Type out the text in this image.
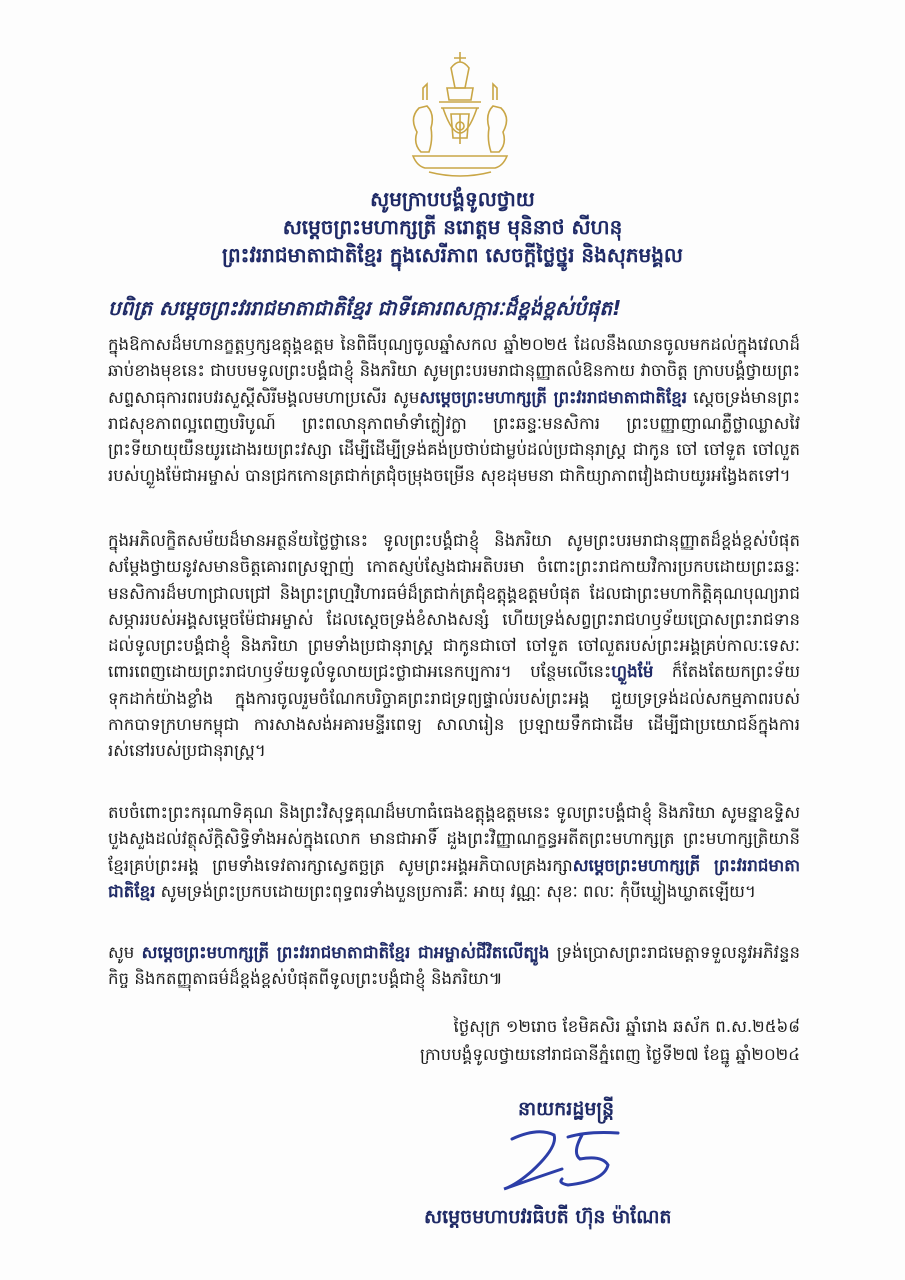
សូមក្រាបបង្គំទូលថ្វាយ
សម្តេចព្រះមហាក្សត្រី នរោត្តម មុនិនាថ សីហនុ
ព្រះវររាជមាតាជាតិខ្មែរ ក្នុងសេរីភាព សេចក្តីថ្លៃថ្នូរ និងសុភមង្គល
បពិត្រ សម្តេចព្រះវររាជមាតាជាតិខ្មែរ ជាទីគោរពសក្ការៈដ៏ខ្ពង់ខ្ពស់បំផុត!
ក្នុងឱកាសដ៏មហានក្ខត្តឫក្សឧត្តុង្គឧត្តម នៃពិធីបុណ្យចូលឆ្នាំសកល ឆ្នាំ២០២៥ ដែលនឹងឈានចូលមកដល់ក្នុងវេលាដ៏ឆាប់ខាងមុខនេះ ជាបបមទូលព្រះបង្គំជាខ្ញុំ និងភរិយា សូមព្រះបរមរាជានុញ្ញាតលំឱនកាយ វាចាចិត្ត ក្រាបបង្គំថ្វាយព្រះសព្ទសាធុការពរបវរសួស្តីសិរីមង្គលមហាប្រសើរ សូមសម្តេចព្រះមហាក្សត្រី ព្រះវររាជមាតាជាតិខ្មែរ ស្តេចទ្រង់មានព្រះរាជសុខភាពល្អពេញបរិបូណ៍ ព្រះពលានុភាពមាំទាំក្លៀវក្លា ព្រះឆន្ទៈមនសិការ ព្រះបញ្ញាញាណភ្លឺថ្លាឈ្លាសវៃ ព្រះទីយាយុយឺនយូរដោងរយព្រះវស្សា ដើម្បីដើម្បីទ្រង់គង់ប្រថាប់ជាម្លប់ដល់ប្រជានុរាស្ត្រ ជាកូន ចៅ ចៅទួត ចៅលួតរបស់ហ្លួងម៉ែជាអម្ចាស់ បានជ្រកកោនត្រជាក់ត្រជុំចម្រុងចម្រើន សុខដុមមនា ជាកិយ្យាភាពវៀងជាបយូរអង្វែងតទៅ។
ក្នុងអភិលក្ខិតសម័យដ៏មានអត្ថន័យថ្លៃថ្លានេះ ទូលព្រះបង្គំជាខ្ញុំ និងភរិយា សូមព្រះបរមរាជានុញ្ញាតដ៏ខ្ពង់ខ្ពស់បំផុត សម្តែងថ្វាយនូវសមានចិត្តគោរពស្រឡាញ់ កោតស្ញប់ស្ញែងជាអតិបរមា ចំពោះព្រះរាជកាយវិការប្រកបដោយព្រះឆន្ទៈមនសិការដ៏មហាជ្រាលជ្រៅ និងព្រះព្រហ្មវិហារធម៌ដ៏ត្រជាក់ត្រជុំឧត្តុង្គឧត្តមបំផុត ដែលជាព្រះមហាកិត្តិគុណបុណ្យរាជសម្ភាររបស់អង្គសម្តេចម៉ែជាអម្ចាស់ ដែលស្តេចទ្រង់ខំសាងសន្សំ ហើយទ្រង់សព្វព្រះរាជហឫទ័យប្រោសព្រះរាជទានដល់ទូលព្រះបង្គំជាខ្ញុំ និងភរិយា ព្រមទាំងប្រជានុរាស្ត្រ ជាកូនជាចៅ ចៅទួត ចៅលួតរបស់ព្រះអង្គគ្រប់កាលៈទេសៈ ពោរពេញដោយព្រះរាជហឫទ័យទូលំទូលាយជ្រះថ្លាជាអនេកប្បការ។ បន្ថែមលើនេះហ្លួងម៉ែ ក៏តែងតែយកព្រះទ័យទុកដាក់យ៉ាងខ្លាំង ក្នុងការចូលរួមចំណែកបរិច្ចាគព្រះរាជទ្រព្យផ្ទាល់របស់ព្រះអង្គ ជួយទ្រទ្រង់ដល់សកម្មភាពរបស់កាកបាទក្រហមកម្ពុជា ការសាងសង់អគារមន្ទីរពេទ្យ សាលារៀន ប្រឡាយទឹកជាដើម ដើម្បីជាប្រយោជន៍ក្នុងការរស់នៅរបស់ប្រជានុរាស្ត្រ។
តបចំពោះព្រះករុណាទិគុណ និងព្រះវិសុទ្ធគុណដ៏មហាធំធេងឧត្តុង្គឧត្តមនេះ ទូលព្រះបង្គំជាខ្ញុំ និងភរិយា សូមន្នាឧទ្ទិសបួងសួងដល់វត្ថុស័ក្តិសិទ្ធិទាំងអស់ក្នុងលោក មានជាអាទិ៍ ដួងព្រះវិញ្ញាណក្ខន្ធអតីតព្រះមហាក្សត្រ ព្រះមហាក្សត្រិយានីខ្មែរគ្រប់ព្រះអង្គ ព្រមទាំងទេវតារក្សាស្វេតច្ឆត្រ សូមព្រះអង្គអភិបាលគ្រងរក្សាសម្តេចព្រះមហាក្សត្រី ព្រះវររាជមាតាជាតិខ្មែរ សូមទ្រង់ព្រះប្រកបដោយព្រះពុទ្ធពរទាំងបួនប្រការគឺៈ អាយុ វណ្ណៈ សុខៈ ពលៈ កុំបីឃ្លៀងឃ្លាតឡើយ។
សូម សម្តេចព្រះមហាក្សត្រី ព្រះវររាជមាតាជាតិខ្មែរ ជាអម្ចាស់ជីវិតលើត្បូង ទ្រង់ប្រោសព្រះរាជមេត្តាទទួលនូវអភិវន្ទនកិច្ច និងកតញ្ញុតាធម៌ដ៏ខ្ពង់ខ្ពស់បំផុតពីទូលព្រះបង្គំជាខ្ញុំ និងភរិយា៕
ថ្ងៃសុក្រ ១២រោច ខែមិគសិរ ឆ្នាំរោង ឆស័ក ព.ស.២៥៦៨
ក្រាបបង្គំទូលថ្វាយនៅរាជធានីភ្នំពេញ ថ្ងៃទី២៧ ខែធ្នូ ឆ្នាំ២០២៤
នាយករដ្ឋមន្ត្រី
សម្តេចមហាបវរធិបតី ហ៊ុន ម៉ាណែត
